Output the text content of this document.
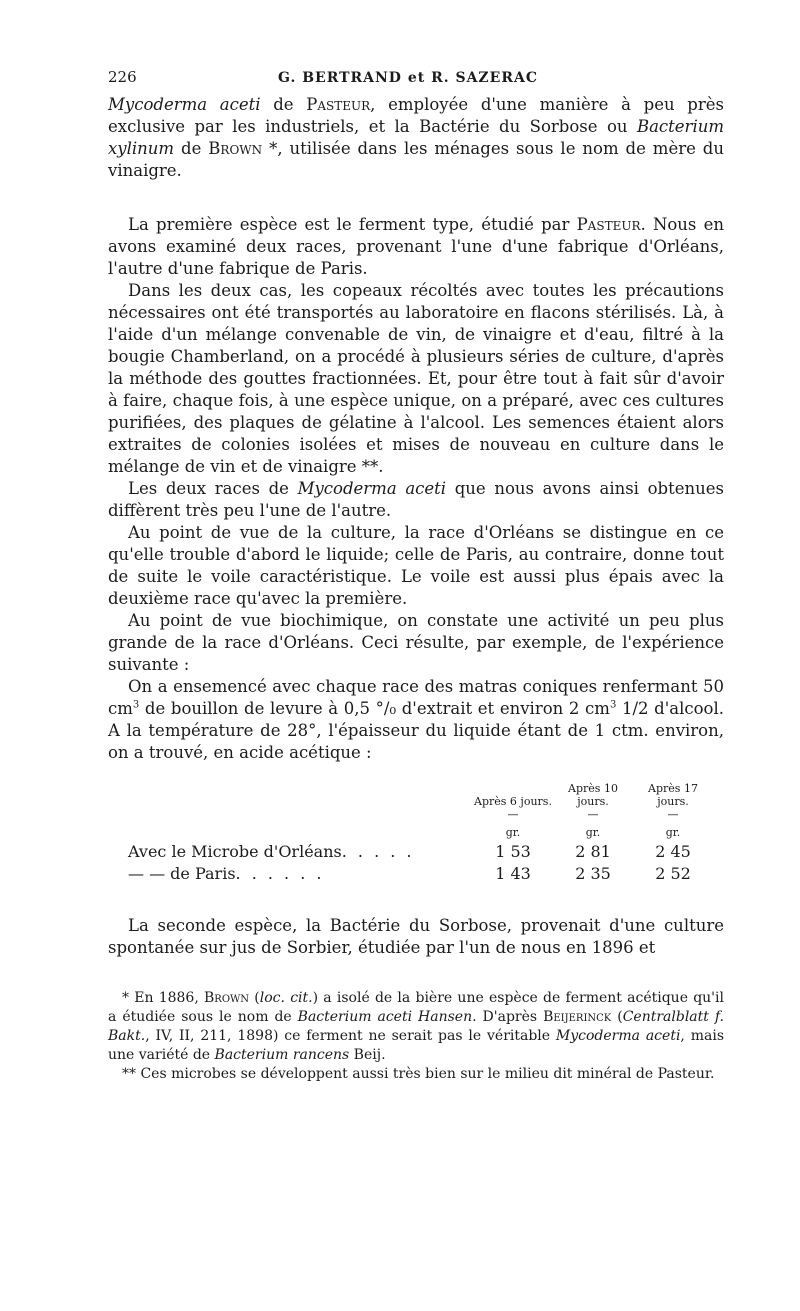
226	G. BERTRAND et R. SAZERAC

Mycoderma aceti de Pasteur, employée d'une manière à peu près exclusive par les industriels, et la Bactérie du Sorbose ou Bacterium xylinum de Brown *, utilisée dans les ménages sous le nom de mère du vinaigre.

La première espèce est le ferment type, étudié par Pasteur. Nous en avons examiné deux races, provenant l'une d'une fabrique d'Orléans, l'autre d'une fabrique de Paris.

Dans les deux cas, les copeaux récoltés avec toutes les précautions nécessaires ont été transportés au laboratoire en flacons stérilisés. Là, à l'aide d'un mélange convenable de vin, de vinaigre et d'eau, filtré à la bougie Chamberland, on a procédé à plusieurs séries de culture, d'après la méthode des gouttes fractionnées. Et, pour être tout à fait sûr d'avoir à faire, chaque fois, à une espèce unique, on a préparé, avec ces cultures purifiées, des plaques de gélatine à l'alcool. Les semences étaient alors extraites de colonies isolées et mises de nouveau en culture dans le mélange de vin et de vinaigre **.

Les deux races de Mycoderma aceti que nous avons ainsi obtenues diffèrent très peu l'une de l'autre.

Au point de vue de la culture, la race d'Orléans se distingue en ce qu'elle trouble d'abord le liquide; celle de Paris, au contraire, donne tout de suite le voile caractéristique. Le voile est aussi plus épais avec la deuxième race qu'avec la première.

Au point de vue biochimique, on constate une activité un peu plus grande de la race d'Orléans. Ceci résulte, par exemple, de l'expérience suivante :

On a ensemencé avec chaque race des matras coniques renfermant 50 $cm^3$ de bouillon de levure à 0,5 °/₀ d'extrait et environ 2 $cm^3$ 1/2 d'alcool. A la température de 28°, l'épaisseur du liquide étant de 1 ctm. environ, on a trouvé, en acide acétique :

	Après 6 jours.	Après 10 jours.	Après 17 jours.
	—	—	—
	gr.	gr.	gr.
Avec le Microbe d'Orléans. . . . .	1 53	2 81	2 45
— — de Paris. . . . . .	1 43	2 35	2 52

La seconde espèce, la Bactérie du Sorbose, provenait d'une culture spontanée sur jus de Sorbier, étudiée par l'un de nous en 1896 et

* En 1886, Brown (loc. cit.) a isolé de la bière une espèce de ferment acétique qu'il a étudiée sous le nom de Bacterium aceti Hansen. D'après Beijerinck (Centralblatt f. Bakt., IV, II, 211, 1898) ce ferment ne serait pas le véritable Mycoderma aceti, mais une variété de Bacterium rancens Beij.

** Ces microbes se développent aussi très bien sur le milieu dit minéral de Pasteur.
